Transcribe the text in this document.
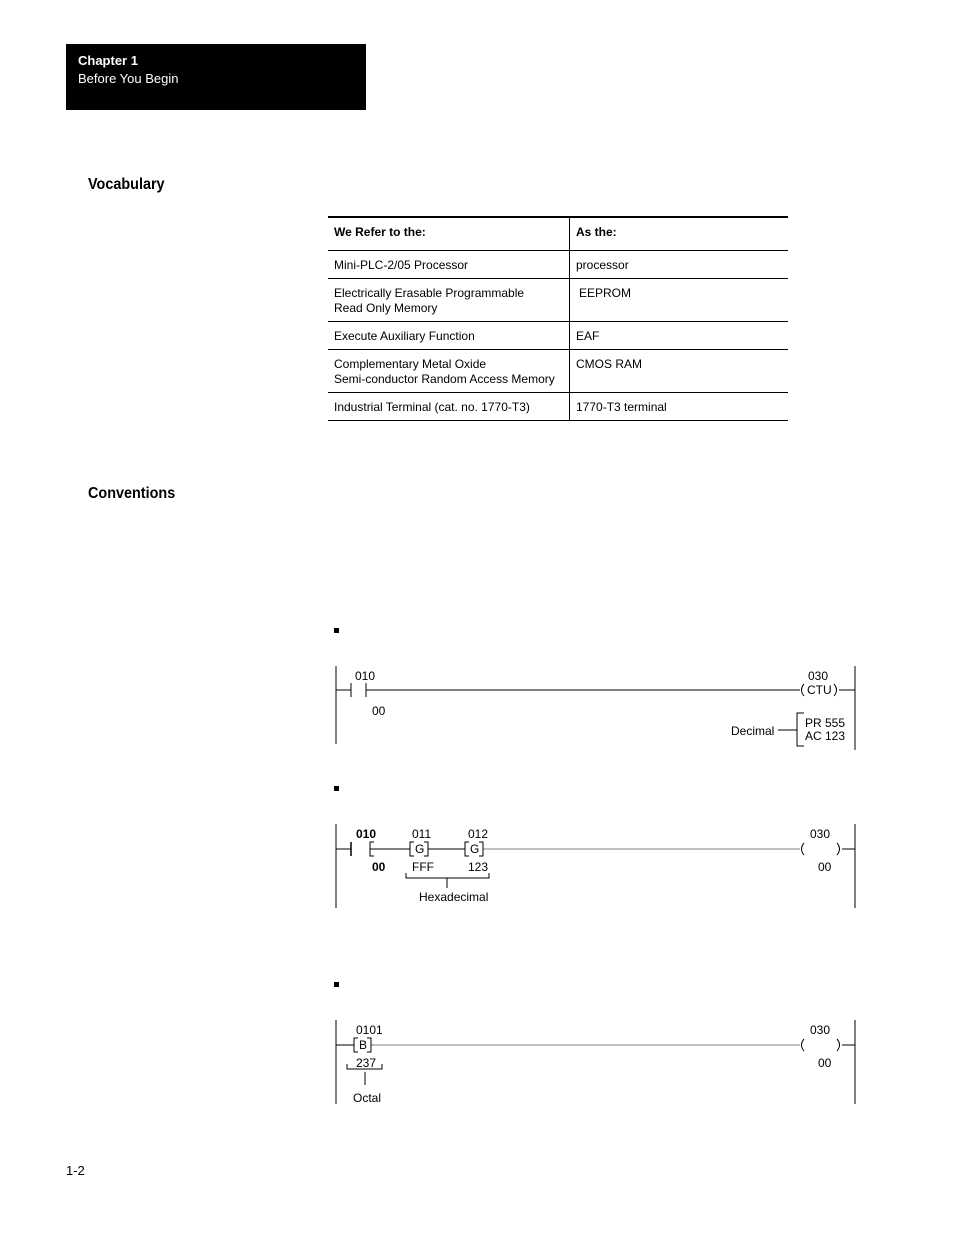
Chapter 1
Before You Begin
Vocabulary
We Refer to the:	As the:
Mini-PLC-2/05 Processor	processor
Electrically Erasable Programmable
Read Only Memory	EEPROM
Execute Auxiliary Function	EAF
Complementary Metal Oxide
Semi-conductor Random Access Memory	CMOS RAM
Industrial Terminal (cat. no. 1770-T3)	1770-T3 terminal
Conventions
010
00
030
CTU
PR 555
AC 123
Decimal
010
00
011
G
FFF
012
G
123
Hexadecimal
030
00
0101
B
237
Octal
030
00
1-2
